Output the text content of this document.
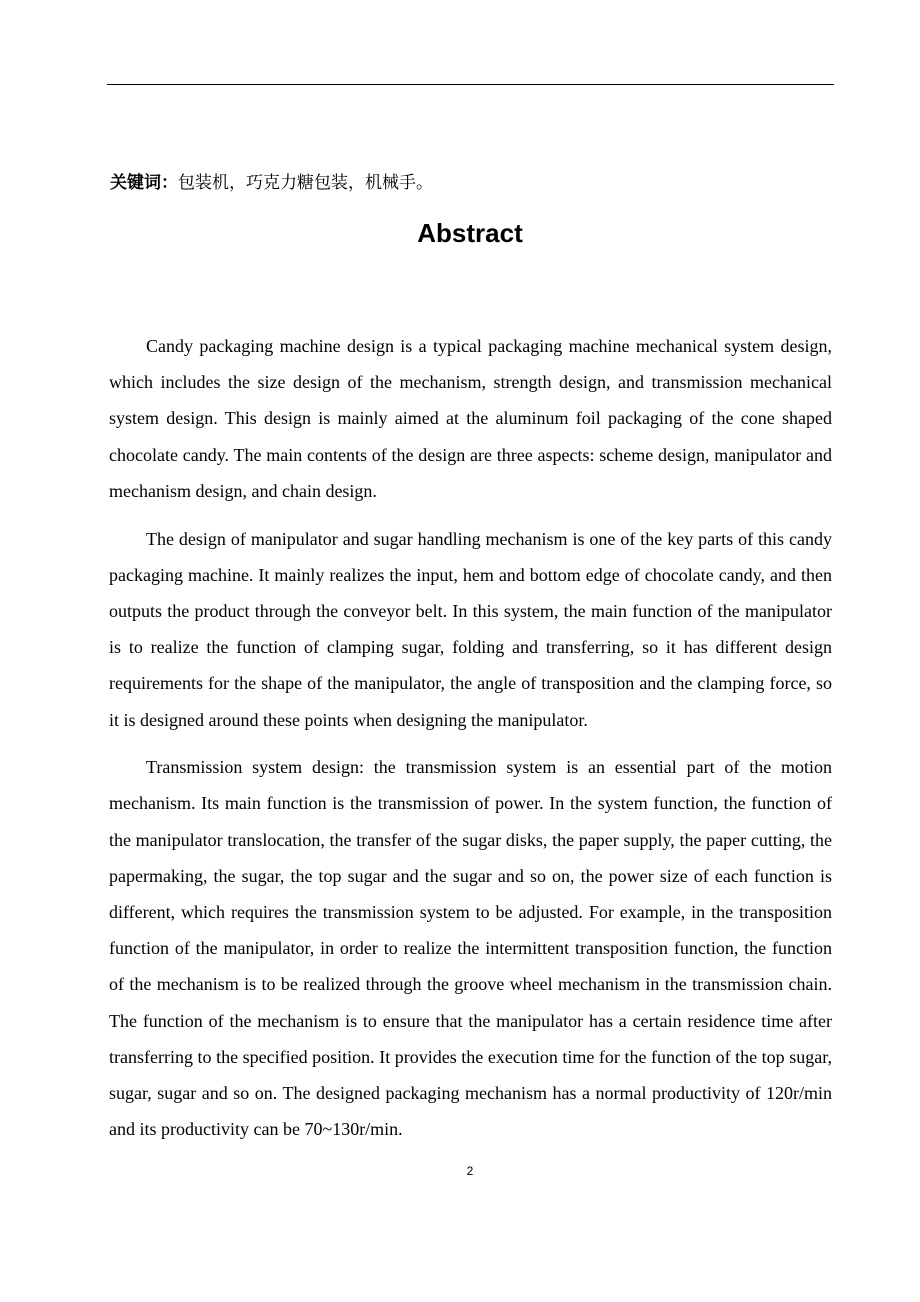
关键词：包装机，巧克力糖包装，机械手。
Abstract

Candy packaging machine design is a typical packaging machine mechanical system design, which includes the size design of the mechanism, strength design, and transmission mechanical system design. This design is mainly aimed at the aluminum foil packaging of the cone shaped chocolate candy. The main contents of the design are three aspects: scheme design, manipulator and mechanism design, and chain design.

The design of manipulator and sugar handling mechanism is one of the key parts of this candy packaging machine. It mainly realizes the input, hem and bottom edge of chocolate candy, and then outputs the product through the conveyor belt. In this system, the main function of the manipulator is to realize the function of clamping sugar, folding and transferring, so it has different design requirements for the shape of the manipulator, the angle of transposition and the clamping force, so it is designed around these points when designing the manipulator.

Transmission system design: the transmission system is an essential part of the motion mechanism. Its main function is the transmission of power. In the system function, the function of the manipulator translocation, the transfer of the sugar disks, the paper supply, the paper cutting, the papermaking, the sugar, the top sugar and the sugar and so on, the power size of each function is different, which requires the transmission system to be adjusted. For example, in the transposition function of the manipulator, in order to realize the intermittent transposition function, the function of the mechanism is to be realized through the groove wheel mechanism in the transmission chain. The function of the mechanism is to ensure that the manipulator has a certain residence time after transferring to the specified position. It provides the execution time for the function of the top sugar, sugar, sugar and so on. The designed packaging mechanism has a normal productivity of 120r/min and its productivity can be 70~130r/min.

2
